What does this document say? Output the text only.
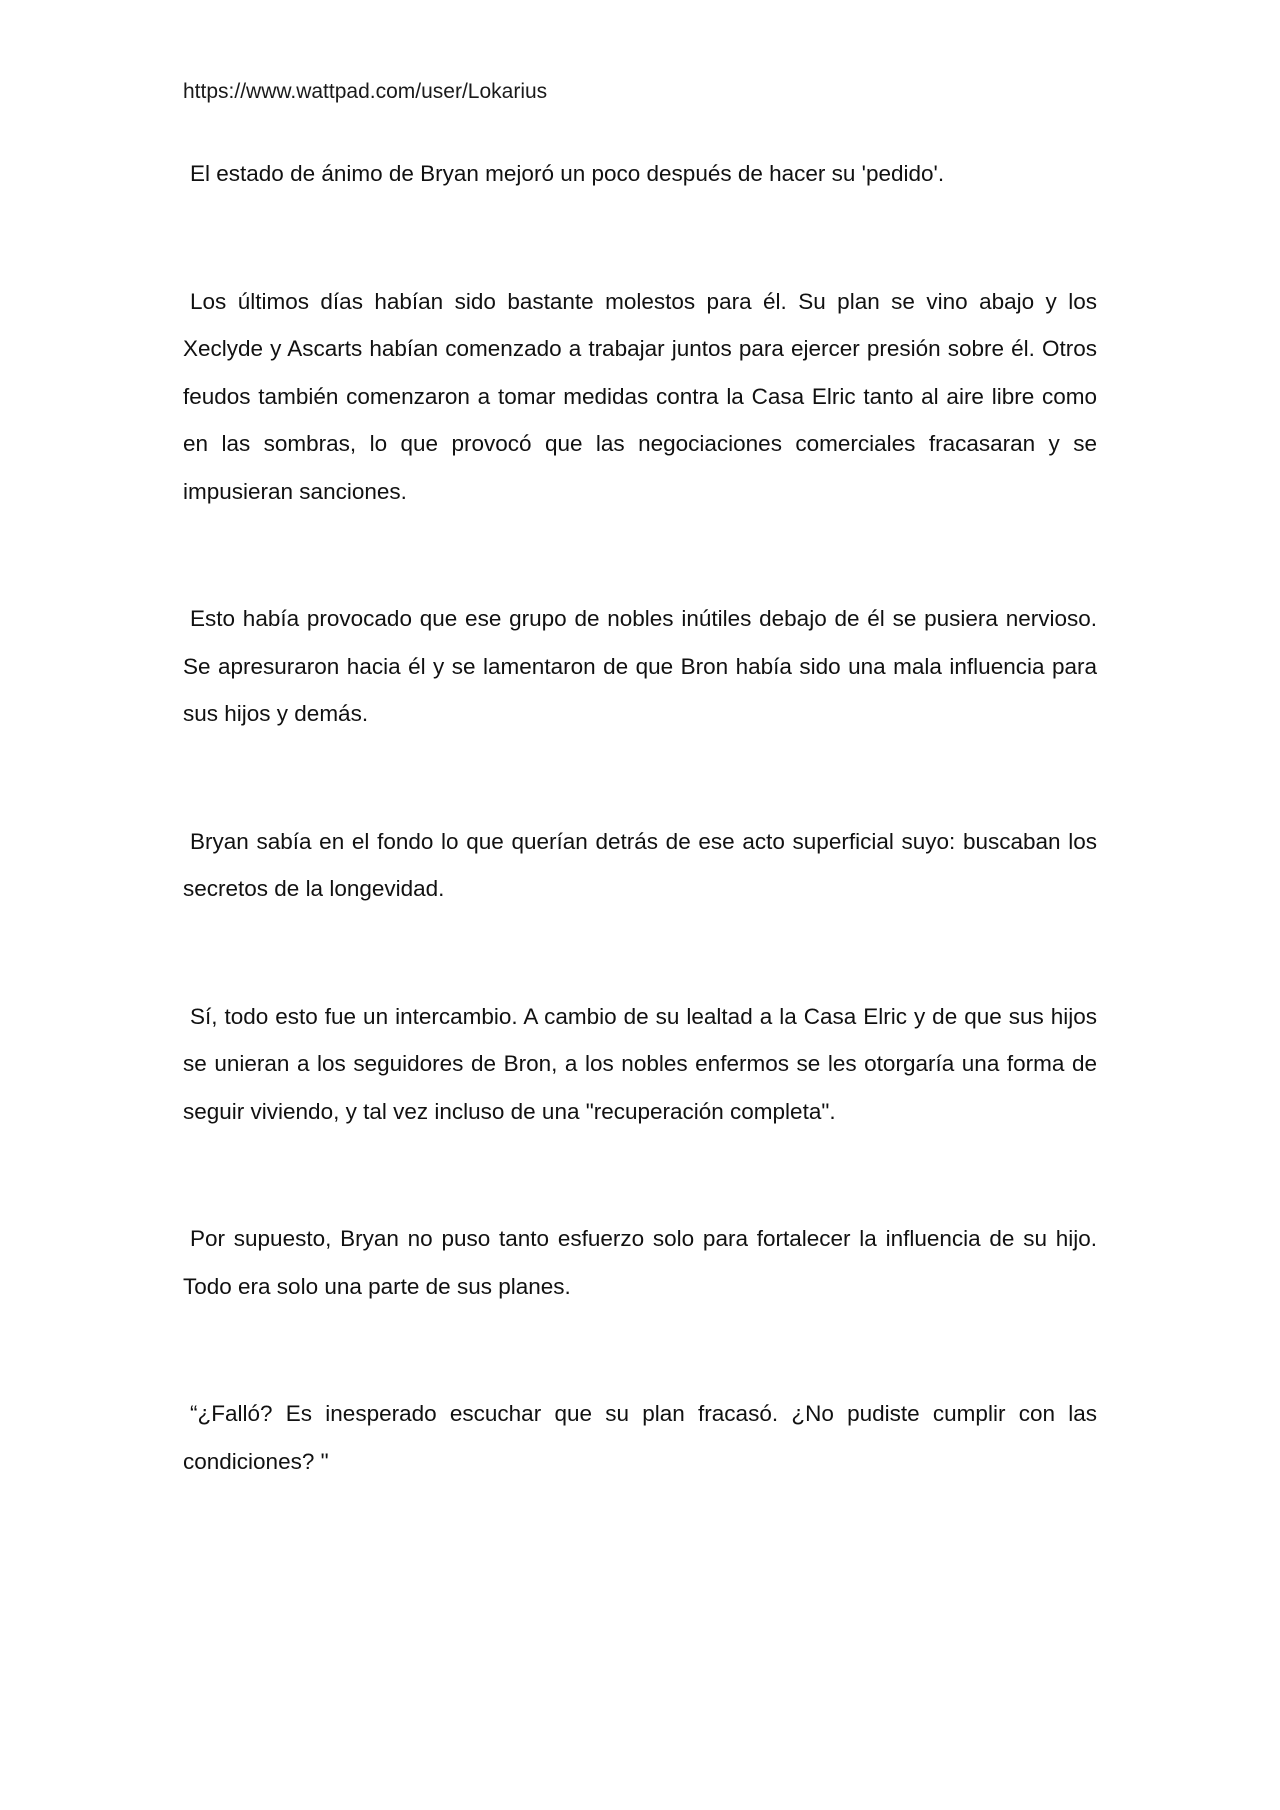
https://www.wattpad.com/user/Lokarius

El estado de ánimo de Bryan mejoró un poco después de hacer su 'pedido'.

Los últimos días habían sido bastante molestos para él. Su plan se vino abajo y los Xeclyde y Ascarts habían comenzado a trabajar juntos para ejercer presión sobre él. Otros feudos también comenzaron a tomar medidas contra la Casa Elric tanto al aire libre como en las sombras, lo que provocó que las negociaciones comerciales fracasaran y se impusieran sanciones.

Esto había provocado que ese grupo de nobles inútiles debajo de él se pusiera nervioso. Se apresuraron hacia él y se lamentaron de que Bron había sido una mala influencia para sus hijos y demás.

Bryan sabía en el fondo lo que querían detrás de ese acto superficial suyo: buscaban los secretos de la longevidad.

Sí, todo esto fue un intercambio. A cambio de su lealtad a la Casa Elric y de que sus hijos se unieran a los seguidores de Bron, a los nobles enfermos se les otorgaría una forma de seguir viviendo, y tal vez incluso de una "recuperación completa".

Por supuesto, Bryan no puso tanto esfuerzo solo para fortalecer la influencia de su hijo. Todo era solo una parte de sus planes.

“¿Falló? Es inesperado escuchar que su plan fracasó. ¿No pudiste cumplir con las condiciones? "
